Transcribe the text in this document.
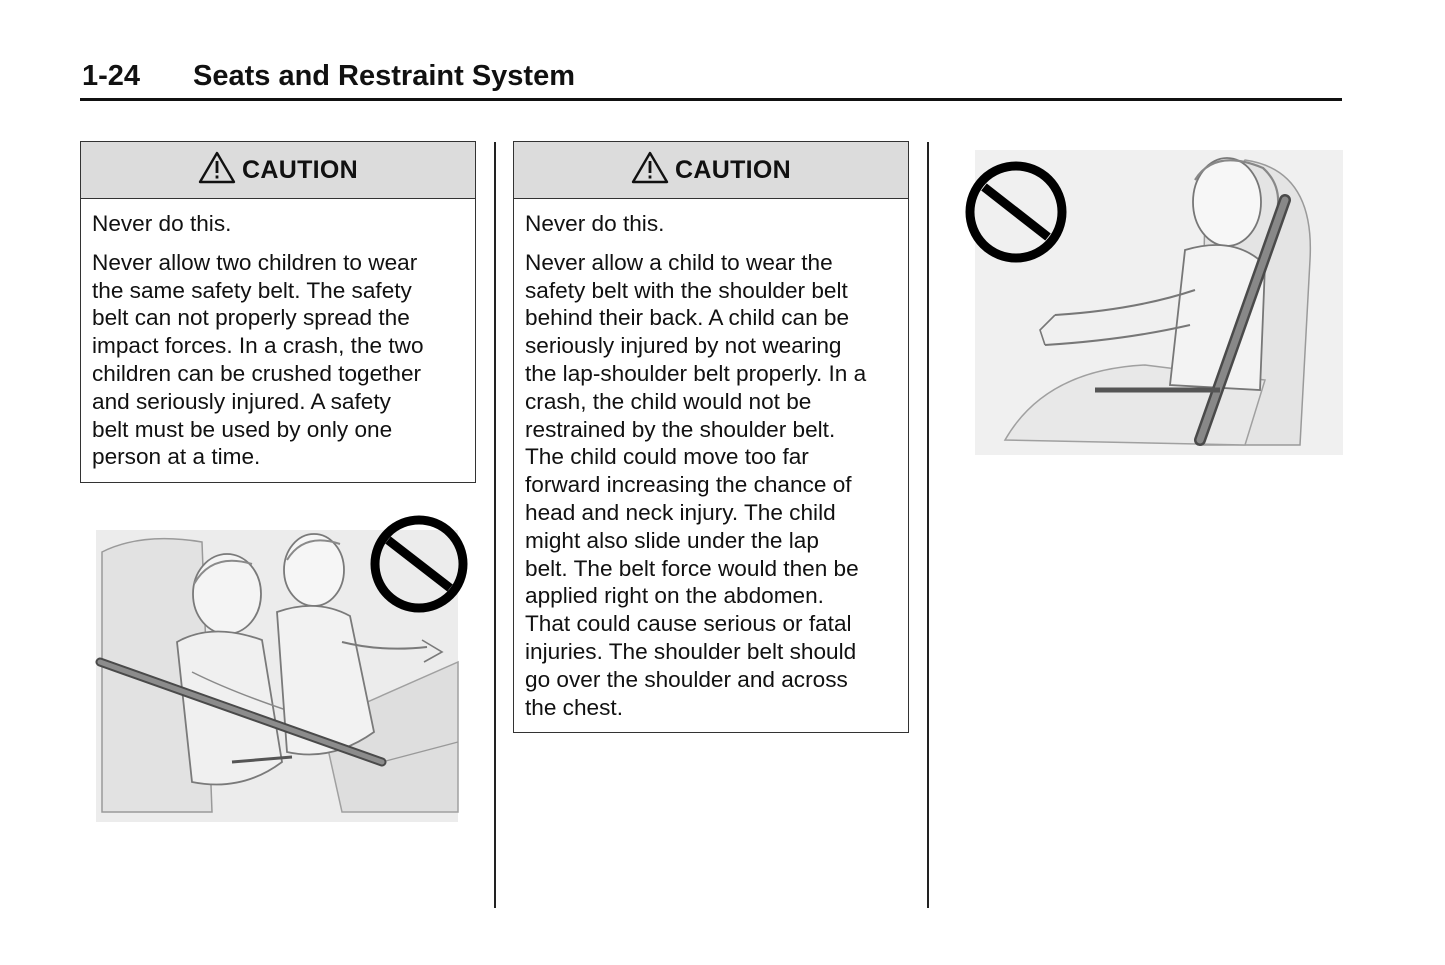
1-24 Seats and Restraint System
CAUTION

Never do this.

Never allow two children to wear
the same safety belt. The safety
belt can not properly spread the
impact forces. In a crash, the two
children can be crushed together
and seriously injured. A safety
belt must be used by only one
person at a time.

CAUTION

Never do this.

Never allow a child to wear the
safety belt with the shoulder belt
behind their back. A child can be
seriously injured by not wearing
the lap-shoulder belt properly. In a
crash, the child would not be
restrained by the shoulder belt.
The child could move too far
forward increasing the chance of
head and neck injury. The child
might also slide under the lap
belt. The belt force would then be
applied right on the abdomen.
That could cause serious or fatal
injuries. The shoulder belt should
go over the shoulder and across
the chest.
